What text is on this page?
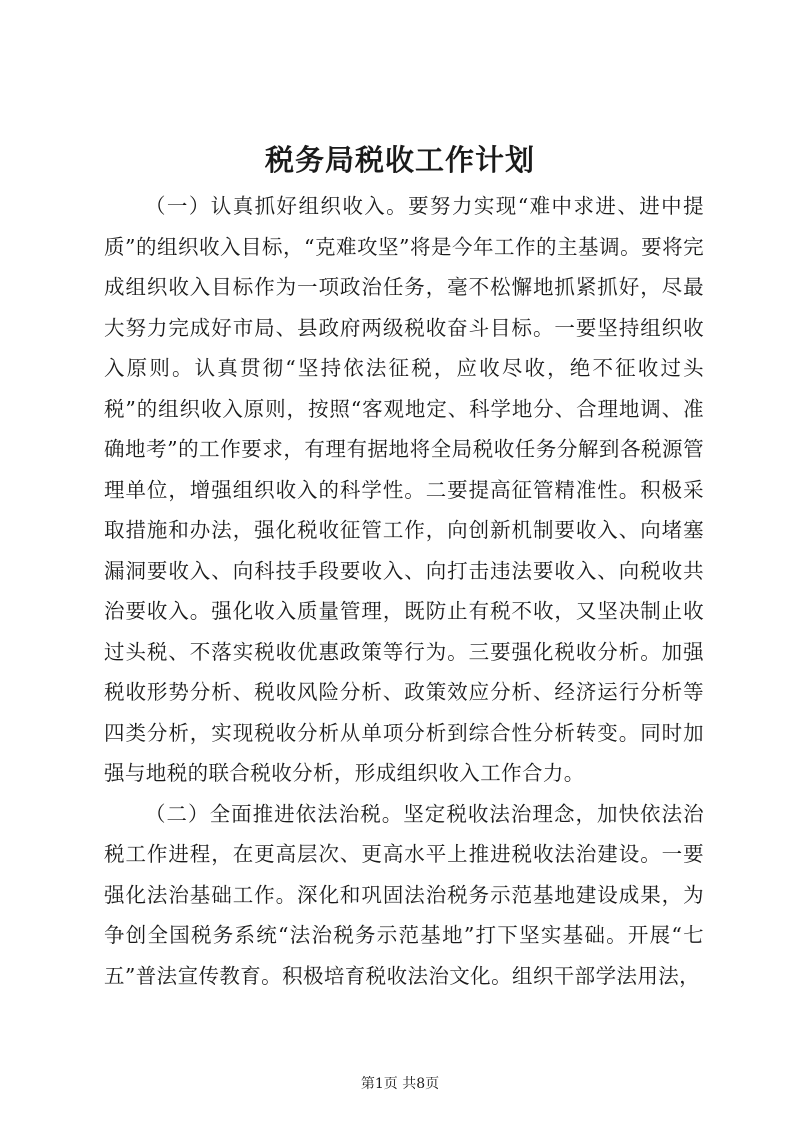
税务局税收工作计划

（一）认真抓好组织收入。要努力实现“难中求进、进中提质”的组织收入目标，“克难攻坚”将是今年工作的主基调。要将完成组织收入目标作为一项政治任务，毫不松懈地抓紧抓好，尽最大努力完成好市局、县政府两级税收奋斗目标。一要坚持组织收入原则。认真贯彻“坚持依法征税，应收尽收，绝不征收过头税”的组织收入原则，按照“客观地定、科学地分、合理地调、准确地考”的工作要求，有理有据地将全局税收任务分解到各税源管理单位，增强组织收入的科学性。二要提高征管精准性。积极采取措施和办法，强化税收征管工作，向创新机制要收入、向堵塞漏洞要收入、向科技手段要收入、向打击违法要收入、向税收共治要收入。强化收入质量管理，既防止有税不收，又坚决制止收过头税、不落实税收优惠政策等行为。三要强化税收分析。加强税收形势分析、税收风险分析、政策效应分析、经济运行分析等四类分析，实现税收分析从单项分析到综合性分析转变。同时加强与地税的联合税收分析，形成组织收入工作合力。

（二）全面推进依法治税。坚定税收法治理念，加快依法治税工作进程，在更高层次、更高水平上推进税收法治建设。一要强化法治基础工作。深化和巩固法治税务示范基地建设成果，为争创全国税务系统“法治税务示范基地”打下坚实基础。开展“七五”普法宣传教育。积极培育税收法治文化。组织干部学法用法，

第1页 共8页
